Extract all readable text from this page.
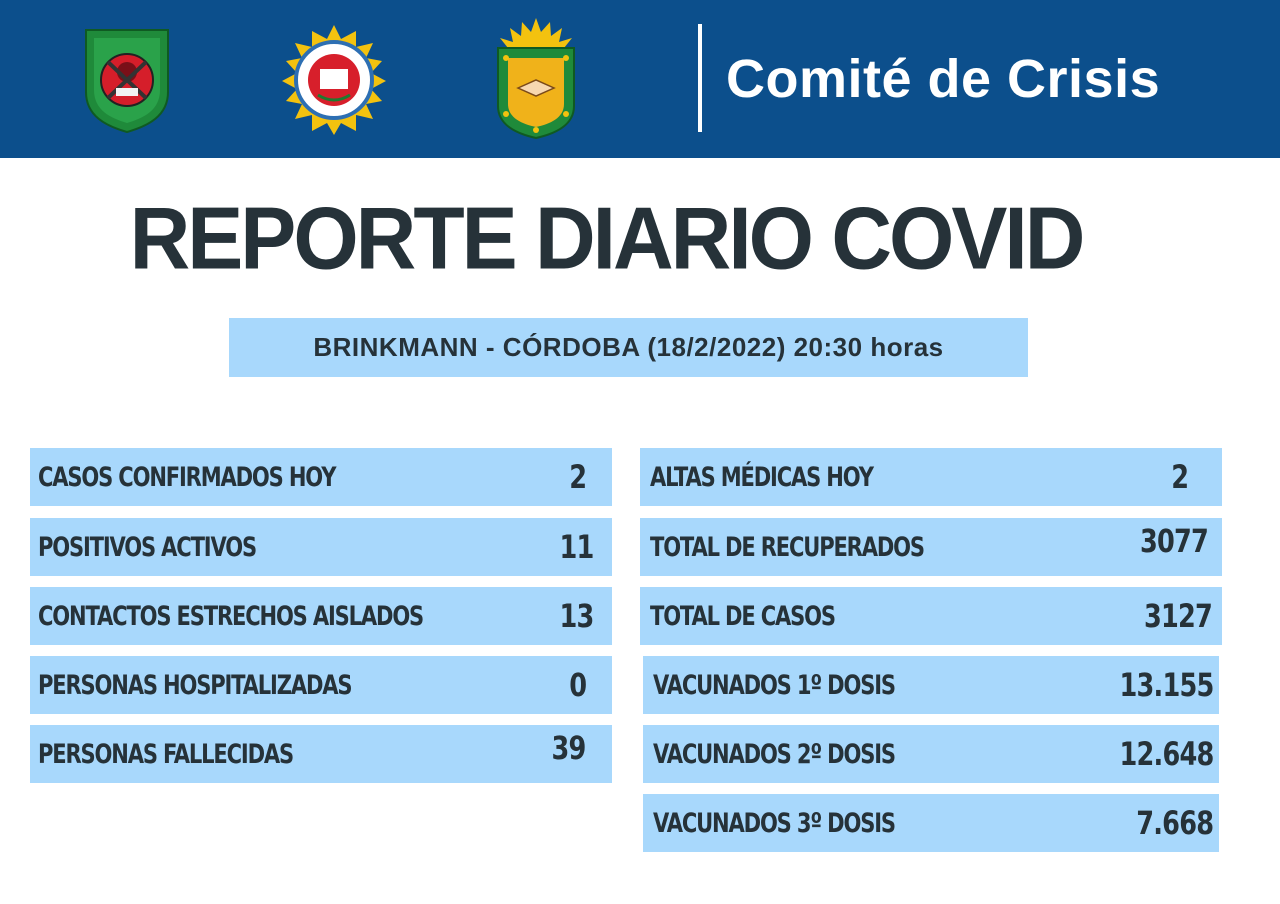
Comité de Crisis
REPORTE DIARIO COVID
BRINKMANN - CÓRDOBA (18/2/2022) 20:30 horas
CASOS CONFIRMADOS HOY	2
POSITIVOS ACTIVOS	11
CONTACTOS ESTRECHOS AISLADOS	13
PERSONAS HOSPITALIZADAS	0
PERSONAS FALLECIDAS	39
ALTAS MÉDICAS HOY	2
TOTAL DE RECUPERADOS	3077
TOTAL DE CASOS	3127
VACUNADOS 1º DOSIS	13.155
VACUNADOS 2º DOSIS	12.648
VACUNADOS 3º DOSIS	7.668
